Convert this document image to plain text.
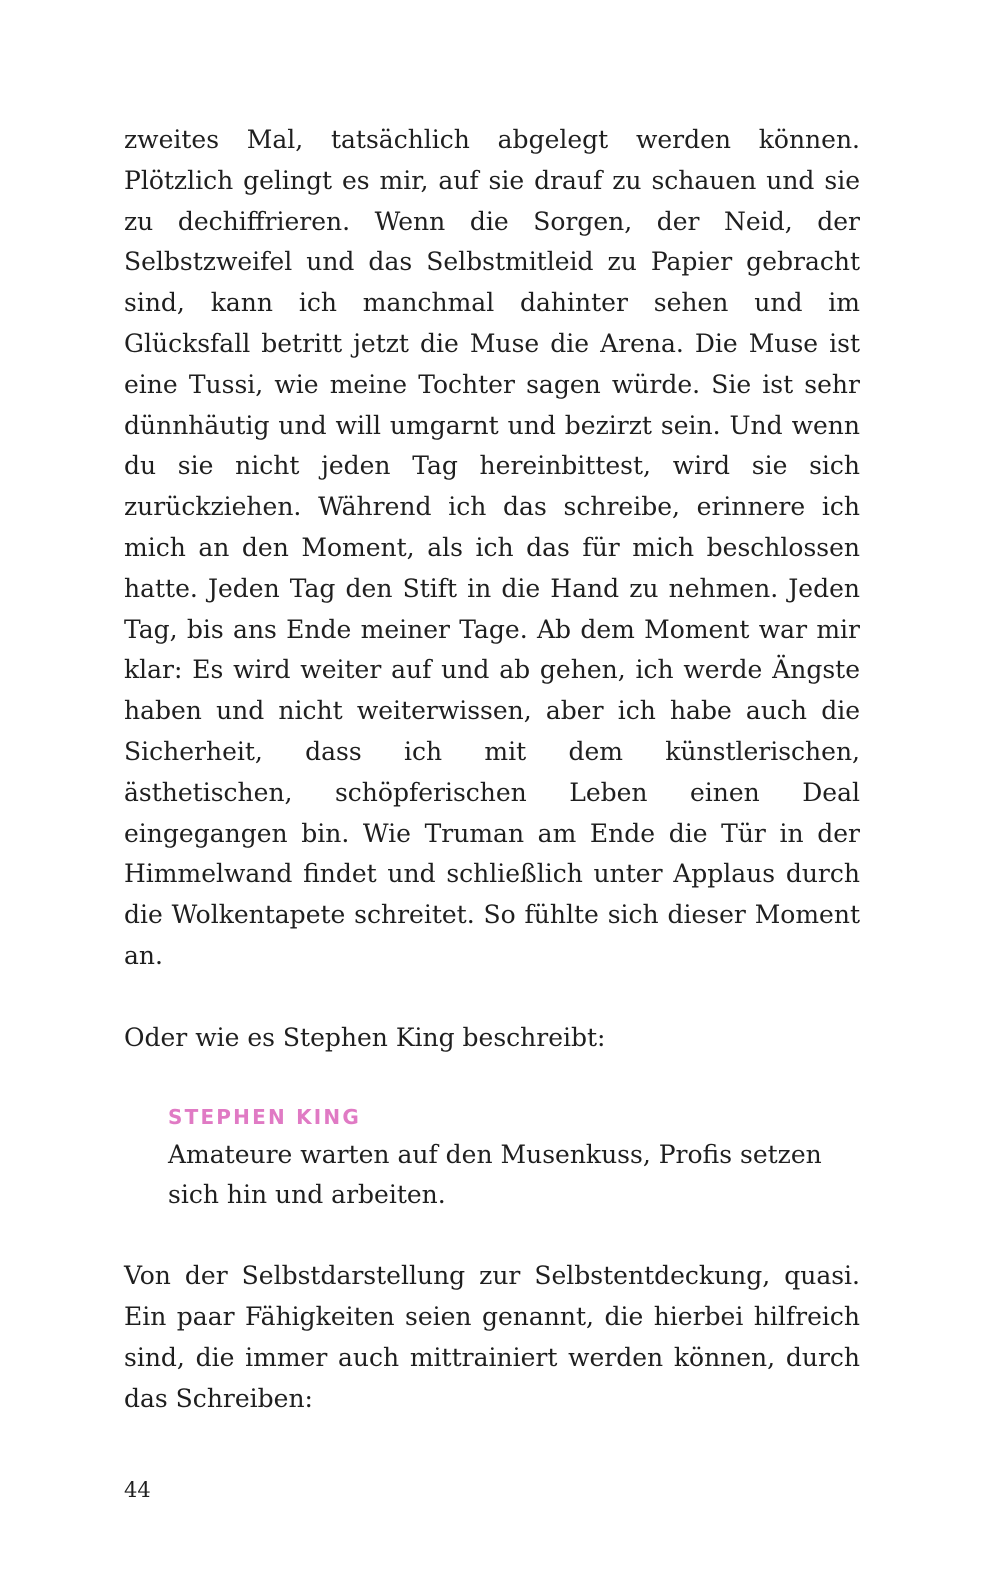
zweites Mal, tatsächlich abgelegt werden können. Plötzlich gelingt es mir, auf sie drauf zu schauen und sie zu dechiffrieren. Wenn die Sorgen, der Neid, der Selbstzweifel und das Selbstmitleid zu Papier gebracht sind, kann ich manchmal dahinter sehen und im Glücksfall betritt jetzt die Muse die Arena. Die Muse ist eine Tussi, wie meine Tochter sagen würde. Sie ist sehr dünnhäutig und will umgarnt und bezirzt sein. Und wenn du sie nicht jeden Tag hereinbittest, wird sie sich zurückziehen. Während ich das schreibe, erinnere ich mich an den Moment, als ich das für mich beschlossen hatte. Jeden Tag den Stift in die Hand zu nehmen. Jeden Tag, bis ans Ende meiner Tage. Ab dem Moment war mir klar: Es wird weiter auf und ab gehen, ich werde Ängste haben und nicht weiterwissen, aber ich habe auch die Sicherheit, dass ich mit dem künstlerischen, ästhetischen, schöpferischen Leben einen Deal eingegangen bin. Wie Truman am Ende die Tür in der Himmelwand findet und schließlich unter Applaus durch die Wolkentapete schreitet. So fühlte sich dieser Moment an.

Oder wie es Stephen King beschreibt:

STEPHEN KING

Amateure warten auf den Musenkuss, Profis setzen sich hin und arbeiten.

Von der Selbstdarstellung zur Selbstentdeckung, quasi. Ein paar Fähigkeiten seien genannt, die hierbei hilfreich sind, die immer auch mittrainiert werden können, durch das Schreiben:

44
